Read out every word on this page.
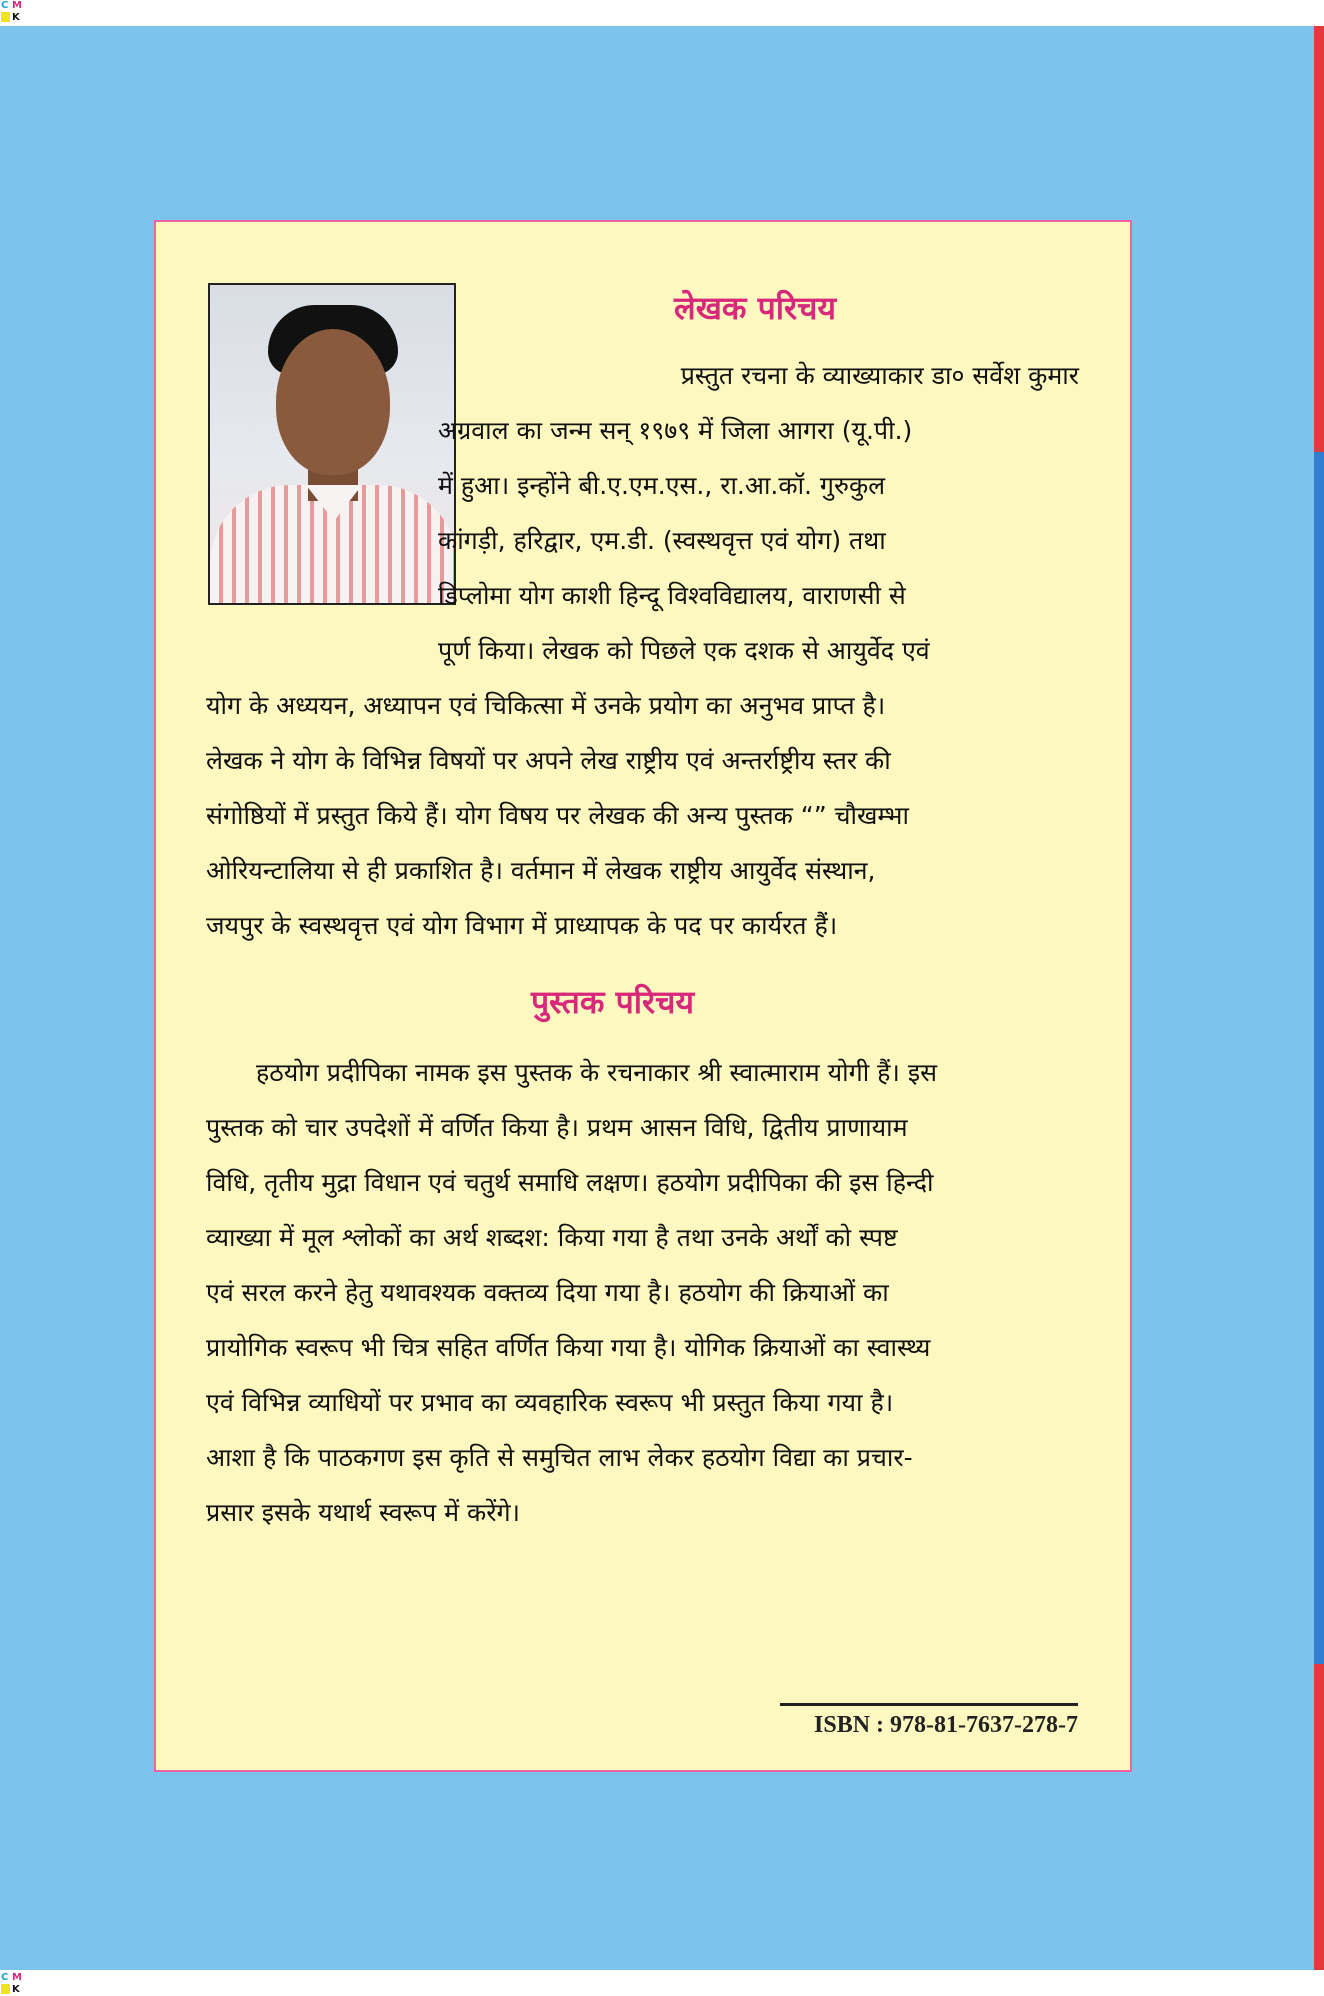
C M
K
C M
K
लेखक परिचय
प्रस्तुत रचना के व्याख्याकार डा० सर्वेश कुमार
अग्रवाल का जन्म सन् १९७९ में जिला आगरा (यू.पी.)
में हुआ। इन्होंने बी.ए.एम.एस., रा.आ.कॉ. गुरुकुल
कांगड़ी, हरिद्वार, एम.डी. (स्वस्थवृत्त एवं योग) तथा
डिप्लोमा योग काशी हिन्दू विश्वविद्यालय, वाराणसी से
पूर्ण किया। लेखक को पिछले एक दशक से आयुर्वेद एवं
योग के अध्ययन, अध्यापन एवं चिकित्सा में उनके प्रयोग का अनुभव प्राप्त है।
लेखक ने योग के विभिन्न विषयों पर अपने लेख राष्ट्रीय एवं अन्तर्राष्ट्रीय स्तर की
संगोष्ठियों में प्रस्तुत किये हैं। योग विषय पर लेखक की अन्य पुस्तक “” चौखम्भा
ओरियन्टालिया से ही प्रकाशित है। वर्तमान में लेखक राष्ट्रीय आयुर्वेद संस्थान,
जयपुर के स्वस्थवृत्त एवं योग विभाग में प्राध्यापक के पद पर कार्यरत हैं।
पुस्तक परिचय
हठयोग प्रदीपिका नामक इस पुस्तक के रचनाकार श्री स्वात्माराम योगी हैं। इस
पुस्तक को चार उपदेशों में वर्णित किया है। प्रथम आसन विधि, द्वितीय प्राणायाम
विधि, तृतीय मुद्रा विधान एवं चतुर्थ समाधि लक्षण। हठयोग प्रदीपिका की इस हिन्दी
व्याख्या में मूल श्लोकों का अर्थ शब्दश: किया गया है तथा उनके अर्थों को स्पष्ट
एवं सरल करने हेतु यथावश्यक वक्तव्य दिया गया है। हठयोग की क्रियाओं का
प्रायोगिक स्वरूप भी चित्र सहित वर्णित किया गया है। योगिक क्रियाओं का स्वास्थ्य
एवं विभिन्न व्याधियों पर प्रभाव का व्यवहारिक स्वरूप भी प्रस्तुत किया गया है।
आशा है कि पाठकगण इस कृति से समुचित लाभ लेकर हठयोग विद्या का प्रचार-
प्रसार इसके यथार्थ स्वरूप में करेंगे।
ISBN : 978-81-7637-278-7
